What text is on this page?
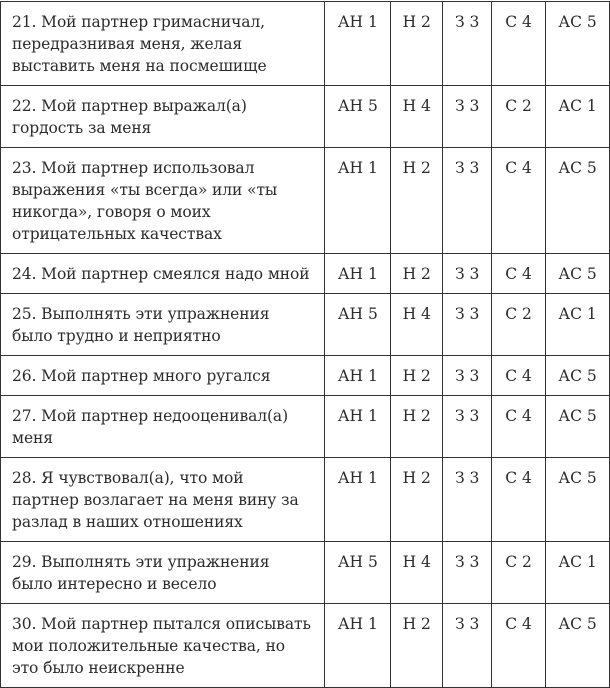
21. Мой партнер гримасничал, передразнивая меня, желая выставить меня на посмешище	АН 1	Н 2	З 3	С 4	АС 5
22. Мой партнер выражал(а) гордость за меня	АН 5	Н 4	З 3	С 2	АС 1
23. Мой партнер использовал выражения «ты всегда» или «ты никогда», говоря о моих отрицательных качествах	АН 1	Н 2	З 3	С 4	АС 5
24. Мой партнер смеялся надо мной	АН 1	Н 2	З 3	С 4	АС 5
25. Выполнять эти упражнения было трудно и неприятно	АН 5	Н 4	З 3	С 2	АС 1
26. Мой партнер много ругался	АН 1	Н 2	З 3	С 4	АС 5
27. Мой партнер недооценивал(а) меня	АН 1	Н 2	З 3	С 4	АС 5
28. Я чувствовал(а), что мой партнер возлагает на меня вину за разлад в наших отношениях	АН 1	Н 2	З 3	С 4	АС 5
29. Выполнять эти упражнения было интересно и весело	АН 5	Н 4	З 3	С 2	АС 1
30. Мой партнер пытался описывать мои положительные качества, но это было неискренне	АН 1	Н 2	З 3	С 4	АС 5
